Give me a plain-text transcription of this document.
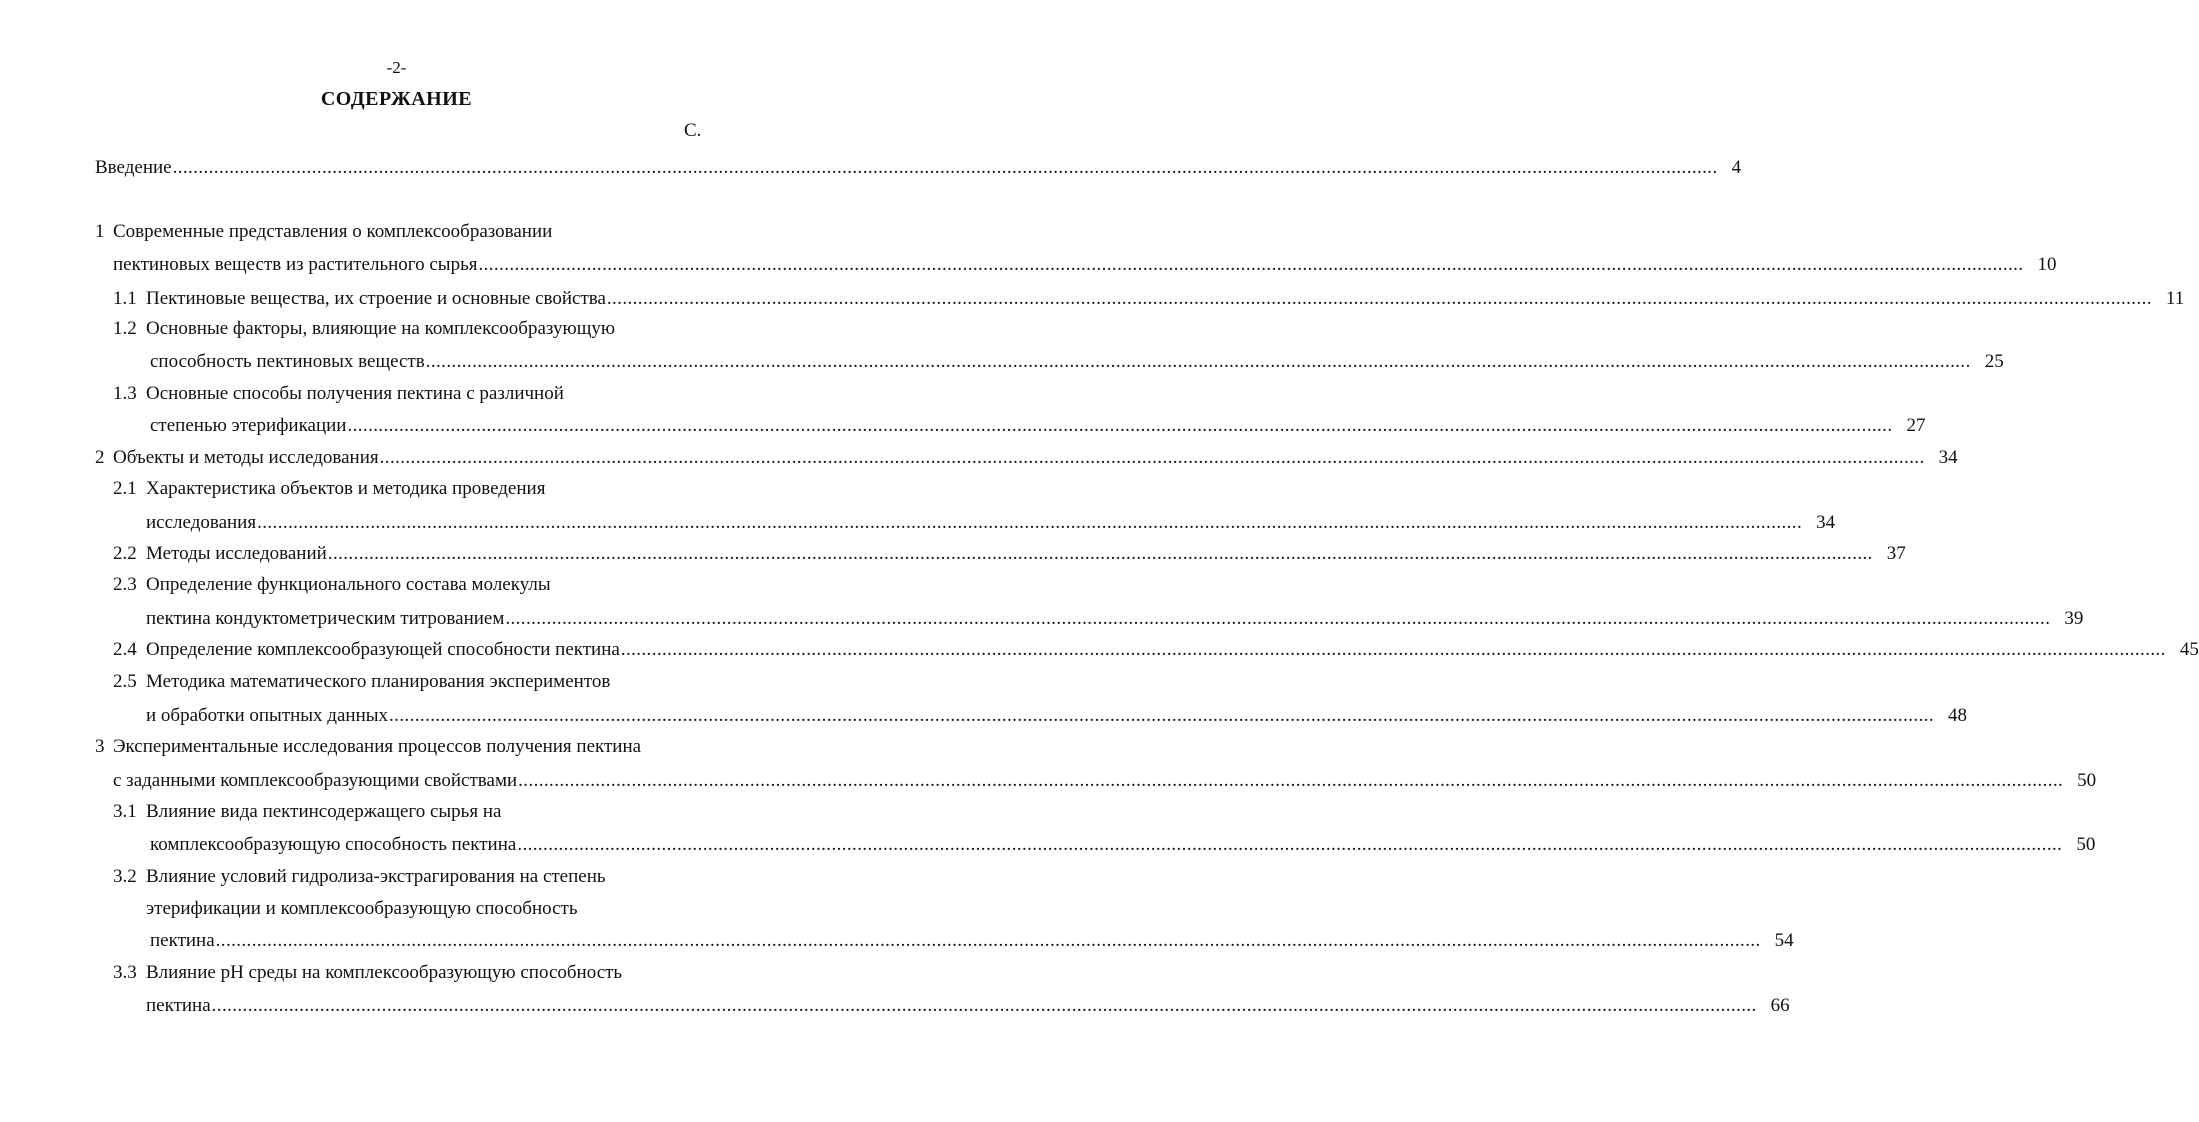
-2-
СОДЕРЖАНИЕ
С.
Введение ............................................................................................................................................................................................................................................................................................................ 4
1 Современные представления о комплексообразовании
пектиновых веществ из растительного сырья ............................................................................................................................................................................................................................................................................................................ 10
1.1 Пектиновые вещества, их строение и основные свойства ............................................................................................................................................................................................................................................................................................................ 11
1.2 Основные факторы, влияющие на комплексообразующую
способность пектиновых веществ ............................................................................................................................................................................................................................................................................................................ 25
1.3 Основные способы получения пектина с различной
степенью этерификации ............................................................................................................................................................................................................................................................................................................ 27
2 Объекты и методы исследования ............................................................................................................................................................................................................................................................................................................ 34
2.1 Характеристика объектов и методика проведения
исследования ............................................................................................................................................................................................................................................................................................................ 34
2.2 Методы исследований ............................................................................................................................................................................................................................................................................................................ 37
2.3 Определение функционального состава молекулы
пектина кондуктометрическим титрованием ............................................................................................................................................................................................................................................................................................................ 39
2.4 Определение комплексообразующей способности пектина ............................................................................................................................................................................................................................................................................................................ 45
2.5 Методика математического планирования экспериментов
и обработки опытных данных ............................................................................................................................................................................................................................................................................................................ 48
3 Экспериментальные исследования процессов получения пектина
с заданными комплексообразующими свойствами ............................................................................................................................................................................................................................................................................................................ 50
3.1 Влияние вида пектинсодержащего сырья на
комплексообразующую способность пектина ............................................................................................................................................................................................................................................................................................................ 50
3.2 Влияние условий гидролиза-экстрагирования на степень
этерификации и комплексообразующую способность
пектина ............................................................................................................................................................................................................................................................................................................ 54
3.3 Влияние pH среды на комплексообразующую способность
пектина ............................................................................................................................................................................................................................................................................................................ 66
